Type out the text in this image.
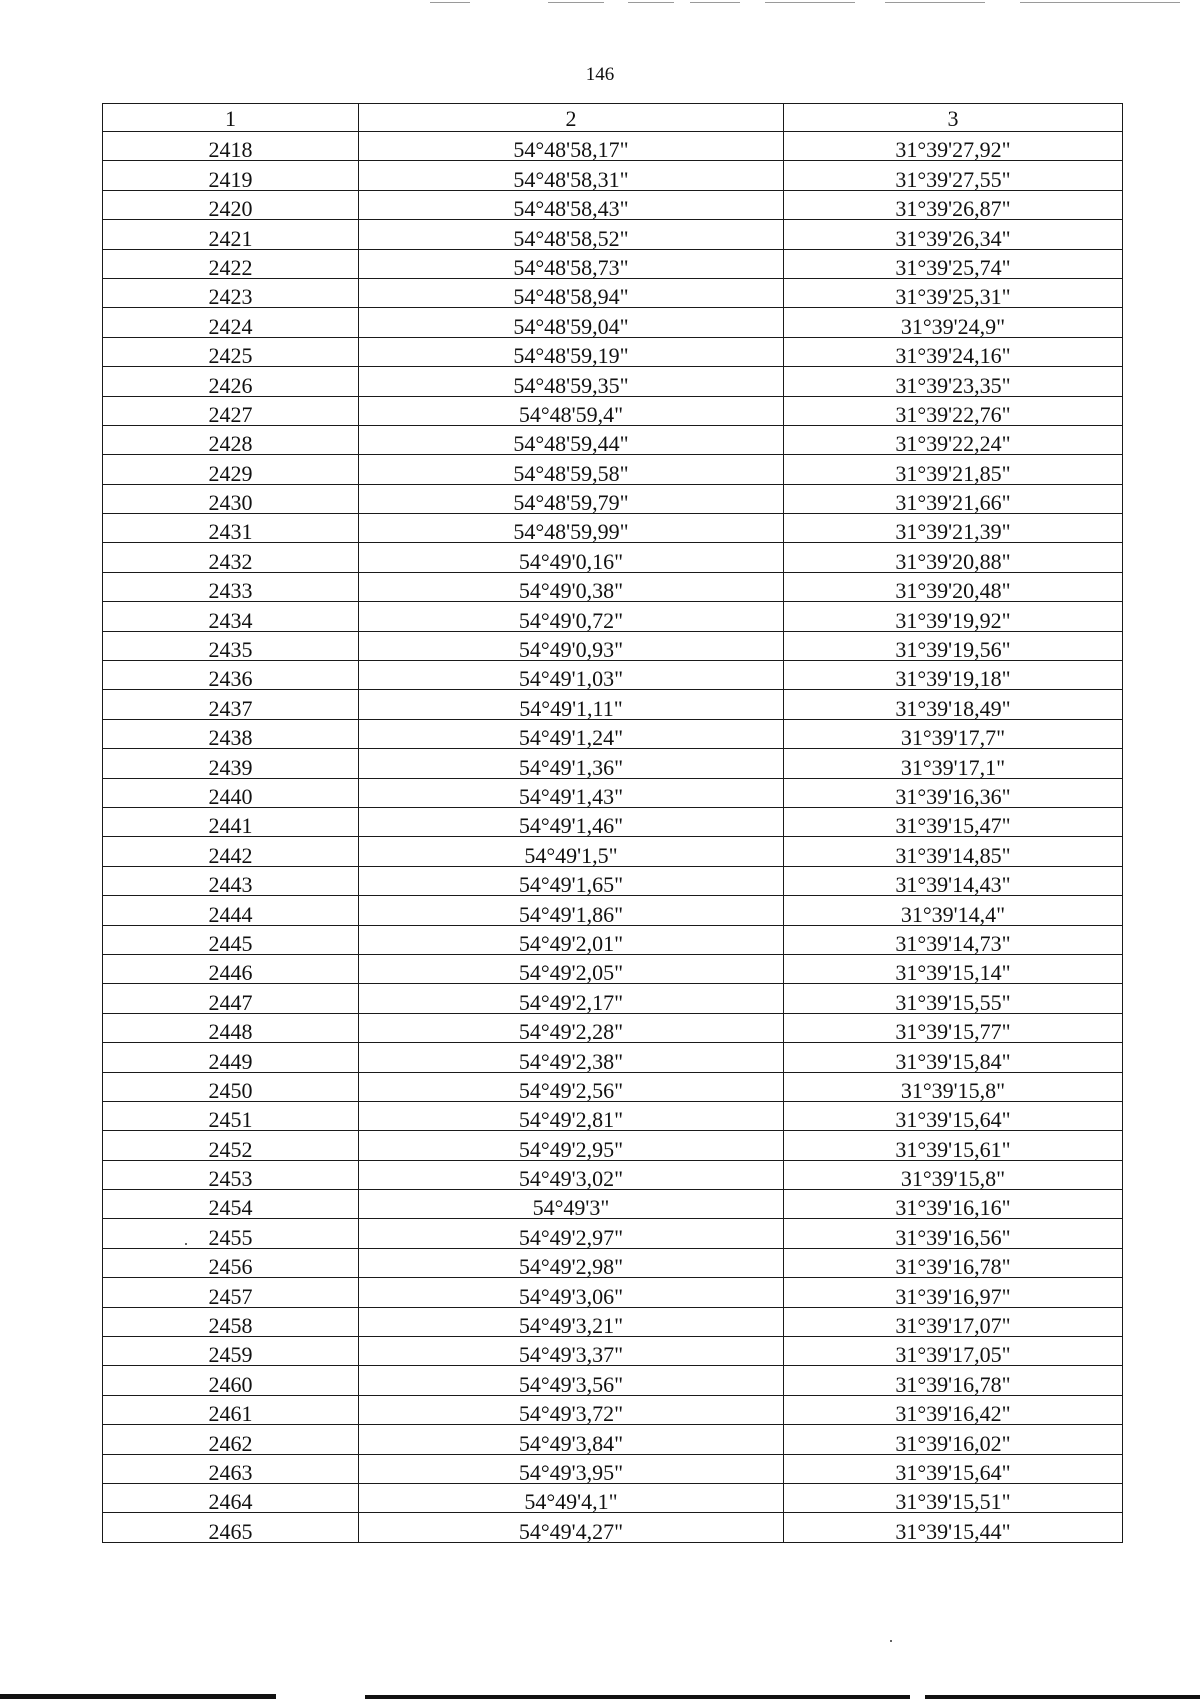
146
1	2	3
2418	54°48'58,17"	31°39'27,92"
2419	54°48'58,31"	31°39'27,55"
2420	54°48'58,43"	31°39'26,87"
2421	54°48'58,52"	31°39'26,34"
2422	54°48'58,73"	31°39'25,74"
2423	54°48'58,94"	31°39'25,31"
2424	54°48'59,04"	31°39'24,9"
2425	54°48'59,19"	31°39'24,16"
2426	54°48'59,35"	31°39'23,35"
2427	54°48'59,4"	31°39'22,76"
2428	54°48'59,44"	31°39'22,24"
2429	54°48'59,58"	31°39'21,85"
2430	54°48'59,79"	31°39'21,66"
2431	54°48'59,99"	31°39'21,39"
2432	54°49'0,16"	31°39'20,88"
2433	54°49'0,38"	31°39'20,48"
2434	54°49'0,72"	31°39'19,92"
2435	54°49'0,93"	31°39'19,56"
2436	54°49'1,03"	31°39'19,18"
2437	54°49'1,11"	31°39'18,49"
2438	54°49'1,24"	31°39'17,7"
2439	54°49'1,36"	31°39'17,1"
2440	54°49'1,43"	31°39'16,36"
2441	54°49'1,46"	31°39'15,47"
2442	54°49'1,5"	31°39'14,85"
2443	54°49'1,65"	31°39'14,43"
2444	54°49'1,86"	31°39'14,4"
2445	54°49'2,01"	31°39'14,73"
2446	54°49'2,05"	31°39'15,14"
2447	54°49'2,17"	31°39'15,55"
2448	54°49'2,28"	31°39'15,77"
2449	54°49'2,38"	31°39'15,84"
2450	54°49'2,56"	31°39'15,8"
2451	54°49'2,81"	31°39'15,64"
2452	54°49'2,95"	31°39'15,61"
2453	54°49'3,02"	31°39'15,8"
2454	54°49'3"	31°39'16,16"
2455	54°49'2,97"	31°39'16,56"
2456	54°49'2,98"	31°39'16,78"
2457	54°49'3,06"	31°39'16,97"
2458	54°49'3,21"	31°39'17,07"
2459	54°49'3,37"	31°39'17,05"
2460	54°49'3,56"	31°39'16,78"
2461	54°49'3,72"	31°39'16,42"
2462	54°49'3,84"	31°39'16,02"
2463	54°49'3,95"	31°39'15,64"
2464	54°49'4,1"	31°39'15,51"
2465	54°49'4,27"	31°39'15,44"
